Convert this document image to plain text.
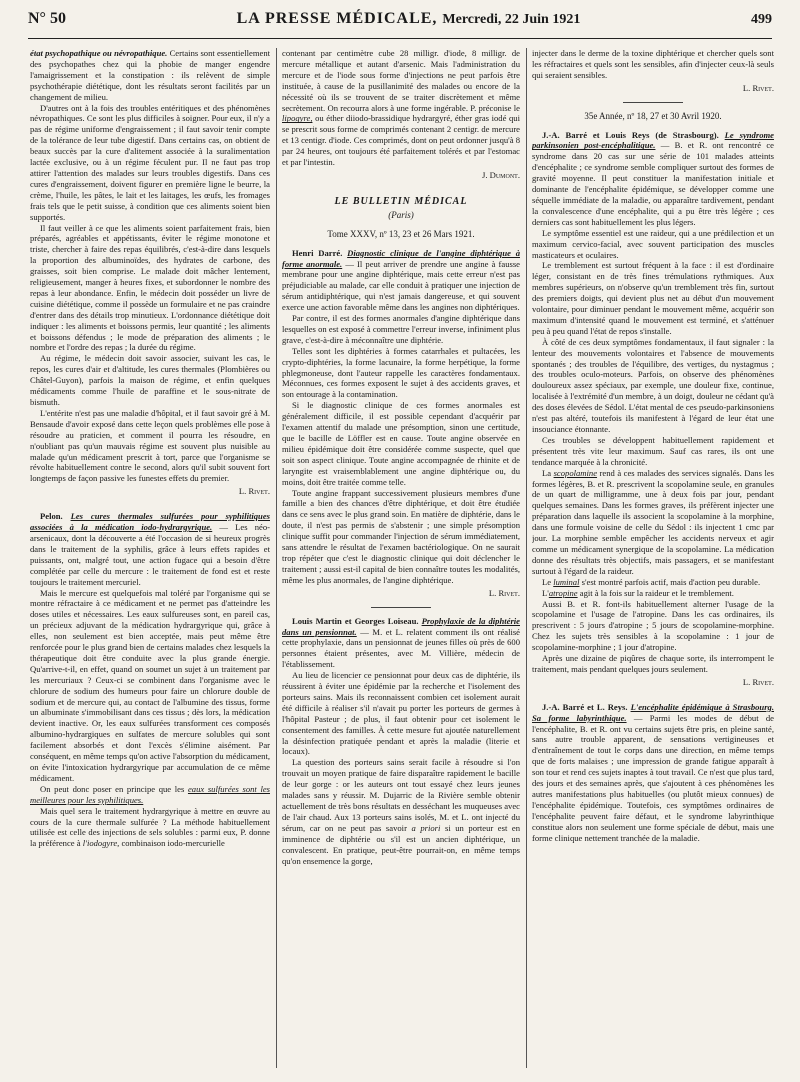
N° 50	LA PRESSE MÉDICALE, Mercredi, 22 Juin 1921	499

état psychopathique ou névropathique. Certains sont essentiellement des psychopathes chez qui la phobie de manger engendre l'amaigrissement et la constipation : ils relèvent de simple psychothérapie diététique, dont les résultats seront facilités par un changement de milieu.

D'autres ont à la fois des troubles entéritiques et des phénomènes névropathiques. Ce sont les plus difficiles à soigner. Pour eux, il n'y a pas de régime uniforme d'engraissement ; il faut savoir tenir compte de la tolérance de leur tube digestif. Dans certains cas, on obtient de beaux succès par la cure d'alitement associée à la suralimentation lactée exclusive, ou à un régime féculent pur. Il ne faut pas trop attirer l'attention des malades sur leurs troubles digestifs. Dans ces cures d'engraissement, doivent figurer en première ligne le beurre, la crème, l'huile, les pâtes, le lait et les laitages, les œufs, les fromages frais tels que le petit suisse, à condition que ces aliments soient bien supportés.

Il faut veiller à ce que les aliments soient parfaitement frais, bien préparés, agréables et appétissants, éviter le régime monotone et triste, chercher à faire des repas équilibrés, c'est-à-dire dans lesquels la proportion des albuminoïdes, des hydrates de carbone, des graisses, soit bien comprise. Le malade doit mâcher lentement, religieusement, manger à heures fixes, et subordonner le nombre des repas à leur abondance. Enfin, le médecin doit posséder un livre de cuisine diététique, comme il possède un formulaire et ne pas craindre d'entrer dans des détails trop minutieux. L'ordonnance diététique doit indiquer : les aliments et boissons permis, leur quantité ; les aliments et boissons défendus ; le mode de préparation des aliments ; le nombre et l'ordre des repas ; la durée du régime.

Au régime, le médecin doit savoir associer, suivant les cas, le repos, les cures d'air et d'altitude, les cures thermales (Plombières ou Châtel-Guyon), parfois la maison de régime, et enfin quelques médicaments comme l'huile de paraffine et le sous-nitrate de bismuth.

L'entérite n'est pas une maladie d'hôpital, et il faut savoir gré à M. Bensaude d'avoir exposé dans cette leçon quels problèmes elle pose à résoudre au praticien, et comment il pourra les résoudre, en n'oubliant pas qu'un mauvais régime est souvent plus nuisible au malade qu'un médicament prescrit à tort, parce que l'organisme se révolte habituellement contre le second, alors qu'il subit souvent fort longtemps de façon passive les funestes effets du premier.

L. Rivet.

Pelon. Les cures thermales sulfurées pour syphilitiques associées à la médication iodo-hydrargyrique. — Les néo-arsenicaux, dont la découverte a été l'occasion de si heureux progrès dans le traitement de la syphilis, grâce à leurs effets rapides et puissants, ont, malgré tout, une action fugace qui a besoin d'être complétée par celle du mercure : le traitement de fond est et reste toujours le traitement mercuriel.

Mais le mercure est quelquefois mal toléré par l'organisme qui se montre réfractaire à ce médicament et ne permet pas d'atteindre les doses utiles et nécessaires. Les eaux sulfureuses sont, en pareil cas, un précieux adjuvant de la médication hydrargyrique qui, grâce à elles, non seulement est bien acceptée, mais peut même être renforcée pour le plus grand bien de certains malades chez lesquels la thérapeutique doit être conduite avec la plus grande énergie. Qu'arrive-t-il, en effet, quand on soumet un sujet à un traitement par les mercuriaux ? Ceux-ci se combinent dans l'organisme avec le chlorure de sodium des humeurs pour faire un chlorure double de sodium et de mercure qui, au contact de l'albumine des tissus, forme un albuminate s'immobilisant dans ces tissus ; dès lors, la médication devient inactive. Or, les eaux sulfurées transforment ces composés albumino-hydrargiques en sulfates de mercure solubles qui sont facilement absorbés et dont l'excès s'élimine aisément. Par conséquent, en même temps qu'on active l'absorption du médicament, on évite l'intoxication hydrargyrique par accumulation de ce même médicament.

On peut donc poser en principe que les eaux sulfurées sont les meilleures pour les syphilitiques.

Mais quel sera le traitement hydrargyrique à mettre en œuvre au cours de la cure thermale sulfurée ? La méthode habituellement utilisée est celle des injections de sels solubles : parmi eux, P. donne la préférence à l'iodogyre, combinaison iodo-mercurielle

contenant par centimètre cube 28 milligr. d'iode, 8 milligr. de mercure métallique et autant d'arsenic. Mais l'administration du mercure et de l'iode sous forme d'injections ne peut parfois être instituée, à cause de la pusillanimité des malades ou encore de la nécessité où ils se trouvent de se traiter discrètement et même secrètement. On recourra alors à une forme ingérable. P. préconise le lipogyre, ou éther diiodo-brassidique hydrargyré, éther gras iodé qui se prescrit sous forme de comprimés contenant 2 centigr. de mercure et 13 centigr. d'iode. Ces comprimés, dont on peut ordonner jusqu'à 8 par 24 heures, ont toujours été parfaitement tolérés et par l'estomac et par l'intestin.

J. Dumont.
LE BULLETIN MÉDICAL
(Paris)
Tome XXXV, nº 13, 23 et 26 Mars 1921.

Henri Darré. Diagnostic clinique de l'angine diphtérique à forme anormale. — Il peut arriver de prendre une angine à fausse membrane pour une angine diphtérique, mais cette erreur n'est pas préjudiciable au malade, car elle conduit à pratiquer une injection de sérum antidiphtérique, qui n'est jamais dangereuse, et qui souvent exerce une action favorable même dans les angines non diphtériques.

Par contre, il est des formes anormales d'angine diphtérique dans lesquelles on est exposé à commettre l'erreur inverse, infiniment plus grave, c'est-à-dire à méconnaître une diphtérie.

Telles sont les diphtéries à formes catarrhales et pultacées, les crypto-diphtéries, la forme lacunaire, la forme herpétique, la forme phlegmoneuse, dont l'auteur rappelle les caractères fondamentaux. Méconnues, ces formes exposent le sujet à des accidents graves, et son entourage à la contamination.

Si le diagnostic clinique de ces formes anormales est généralement difficile, il est possible cependant d'acquérir par l'examen attentif du malade une présomption, sinon une certitude, que le bacille de Löffler est en cause. Toute angine observée en milieu épidémique doit être considérée comme suspecte, quel que soit son aspect clinique. Toute angine accompagnée de rhinite et de laryngite est vraisemblablement une angine diphtérique ou, du moins, doit être traitée comme telle.

Toute angine frappant successivement plusieurs membres d'une famille a bien des chances d'être diphtérique, et doit être étudiée dans ce sens avec le plus grand soin. En matière de diphtérie, dans le doute, il n'est pas permis de s'abstenir ; une simple présomption clinique suffit pour commander l'injection de sérum immédiatement, sans attendre le résultat de l'examen bactériologique. On ne saurait trop répéter que c'est le diagnostic clinique qui doit déclencher le traitement ; aussi est-il capital de bien connaître toutes les modalités, même les plus anormales, de l'angine diphtérique.

L. Rivet.

Louis Martin et Georges Loiseau. Prophylaxie de la diphtérie dans un pensionnat. — M. et L. relatent comment ils ont réalisé cette prophylaxie, dans un pensionnat de jeunes filles où près de 600 personnes étaient présentes, avec M. Villière, médecin de l'établissement.

Au lieu de licencier ce pensionnat pour deux cas de diphtérie, ils réussirent à éviter une épidémie par la recherche et l'isolement des porteurs sains. Mais ils reconnaissent combien cet isolement aurait été difficile à réaliser s'il n'avait pu porter les porteurs de germes à l'hôpital Pasteur ; de plus, il faut obtenir pour cet isolement le consentement des familles. À cette mesure fut ajoutée naturellement la désinfection pratiquée pendant et après la maladie (literie et locaux).

La question des porteurs sains serait facile à résoudre si l'on trouvait un moyen pratique de faire disparaître rapidement le bacille de leur gorge : or les auteurs ont tout essayé chez leurs jeunes malades sans y réussir. M. Dujarric de la Rivière semble obtenir actuellement de très bons résultats en desséchant les muqueuses avec de l'air chaud. Aux 13 porteurs sains isolés, M. et L. ont injecté du sérum, car on ne peut pas savoir a priori si un porteur est en imminence de diphtérie ou s'il est un ancien diphtérique, un convalescent. En pratique, peut-être pourrait-on, en même temps qu'on ensemence la gorge,

injecter dans le derme de la toxine diphtérique et chercher quels sont les réfractaires et quels sont les sensibles, afin d'injecter ceux-là seuls qui seraient sensibles.

L. Rivet.
35e Année, nº 18, 27 et 30 Avril 1920.

J.-A. Barré et Louis Reys (de Strasbourg). Le syndrome parkinsonien post-encéphalitique. — B. et R. ont rencontré ce syndrome dans 20 cas sur une série de 101 malades atteints d'encéphalite ; ce syndrome semble compliquer surtout des formes de gravité moyenne. Il peut constituer la manifestation initiale et dominante de l'encéphalite épidémique, se développer comme une séquelle immédiate de la maladie, ou apparaître tardivement, pendant la convalescence d'une encéphalite, qui a pu être très légère ; ces derniers cas sont habituellement les plus légers.

Le symptôme essentiel est une raideur, qui a une prédilection et un maximum cervico-facial, avec souvent participation des muscles masticateurs et oculaires.

Le tremblement est surtout fréquent à la face : il est d'ordinaire léger, consistant en de très fines trémulations rythmiques. Aux membres supérieurs, on n'observe qu'un tremblement très fin, surtout des premiers doigts, qui devient plus net au début d'un mouvement volontaire, pour diminuer pendant le mouvement même, acquérir son maximum d'intensité quand le mouvement est terminé, et s'atténuer peu à peu quand l'état de repos s'installe.

À côté de ces deux symptômes fondamentaux, il faut signaler : la lenteur des mouvements volontaires et l'absence de mouvements spontanés ; des troubles de l'équilibre, des vertiges, du nystagmus ; des troubles oculo-moteurs. Parfois, on observe des phénomènes douloureux assez spéciaux, par exemple, une douleur fixe, continue, localisée à l'extrémité d'un membre, à un doigt, douleur ne cédant qu'à des doses élevées de Sédol. L'état mental de ces pseudo-parkinsoniens n'est pas altéré, toutefois ils manifestent à l'égard de leur état une insouciance étonnante.

Ces troubles se développent habituellement rapidement et présentent très vite leur maximum. Sauf cas rares, ils ont une tendance marquée à la chronicité.

La scopolamine rend à ces malades des services signalés. Dans les formes légères, B. et R. prescrivent la scopolamine seule, en granules de un quart de milligramme, une à deux fois par jour, pendant quelques semaines. Dans les formes graves, ils préfèrent injecter une préparation dans laquelle ils associent la scopolamine à la morphine, dans une formule voisine de celle du Sédol : ils injectent 1 cmc par jour. La morphine semble empêcher les accidents nerveux et agir comme un médicament synergique de la scopolamine. La médication donne des résultats très objectifs, mais passagers, et se manifestant surtout à l'égard de la raideur.

Le luminal s'est montré parfois actif, mais d'action peu durable.

L'atropine agit à la fois sur la raideur et le tremblement.

Aussi B. et R. font-ils habituellement alterner l'usage de la scopolamine et l'usage de l'atropine. Dans les cas ordinaires, ils prescrivent : 5 jours d'atropine ; 5 jours de scopolamine-morphine. Chez les sujets très sensibles à la scopolamine : 1 jour de scopolamine-morphine ; 1 jour d'atropine.

Après une dizaine de piqûres de chaque sorte, ils interrompent le traitement, mais pendant quelques jours seulement.

L. Rivet.

J.-A. Barré et L. Reys. L'encéphalite épidémique à Strasbourg. Sa forme labyrinthique. — Parmi les modes de début de l'encéphalite, B. et R. ont vu certains sujets être pris, en pleine santé, sans autre trouble apparent, de sensations vertigineuses et d'entraînement de tout le corps dans une direction, en même temps que de forts malaises ; une impression de grande fatigue apparaît à son tour et rend ces sujets inaptes à tout travail. Ce n'est que plus tard, des jours et des semaines après, que s'ajoutent à ces phénomènes les autres manifestations plus habituelles (ou plutôt mieux connues) de l'encéphalite épidémique. Toutefois, ces symptômes ordinaires de l'encéphalite peuvent faire défaut, et le syndrome labyrinthique constitue alors non seulement une forme spéciale de début, mais une forme clinique nettement tranchée de la maladie.
